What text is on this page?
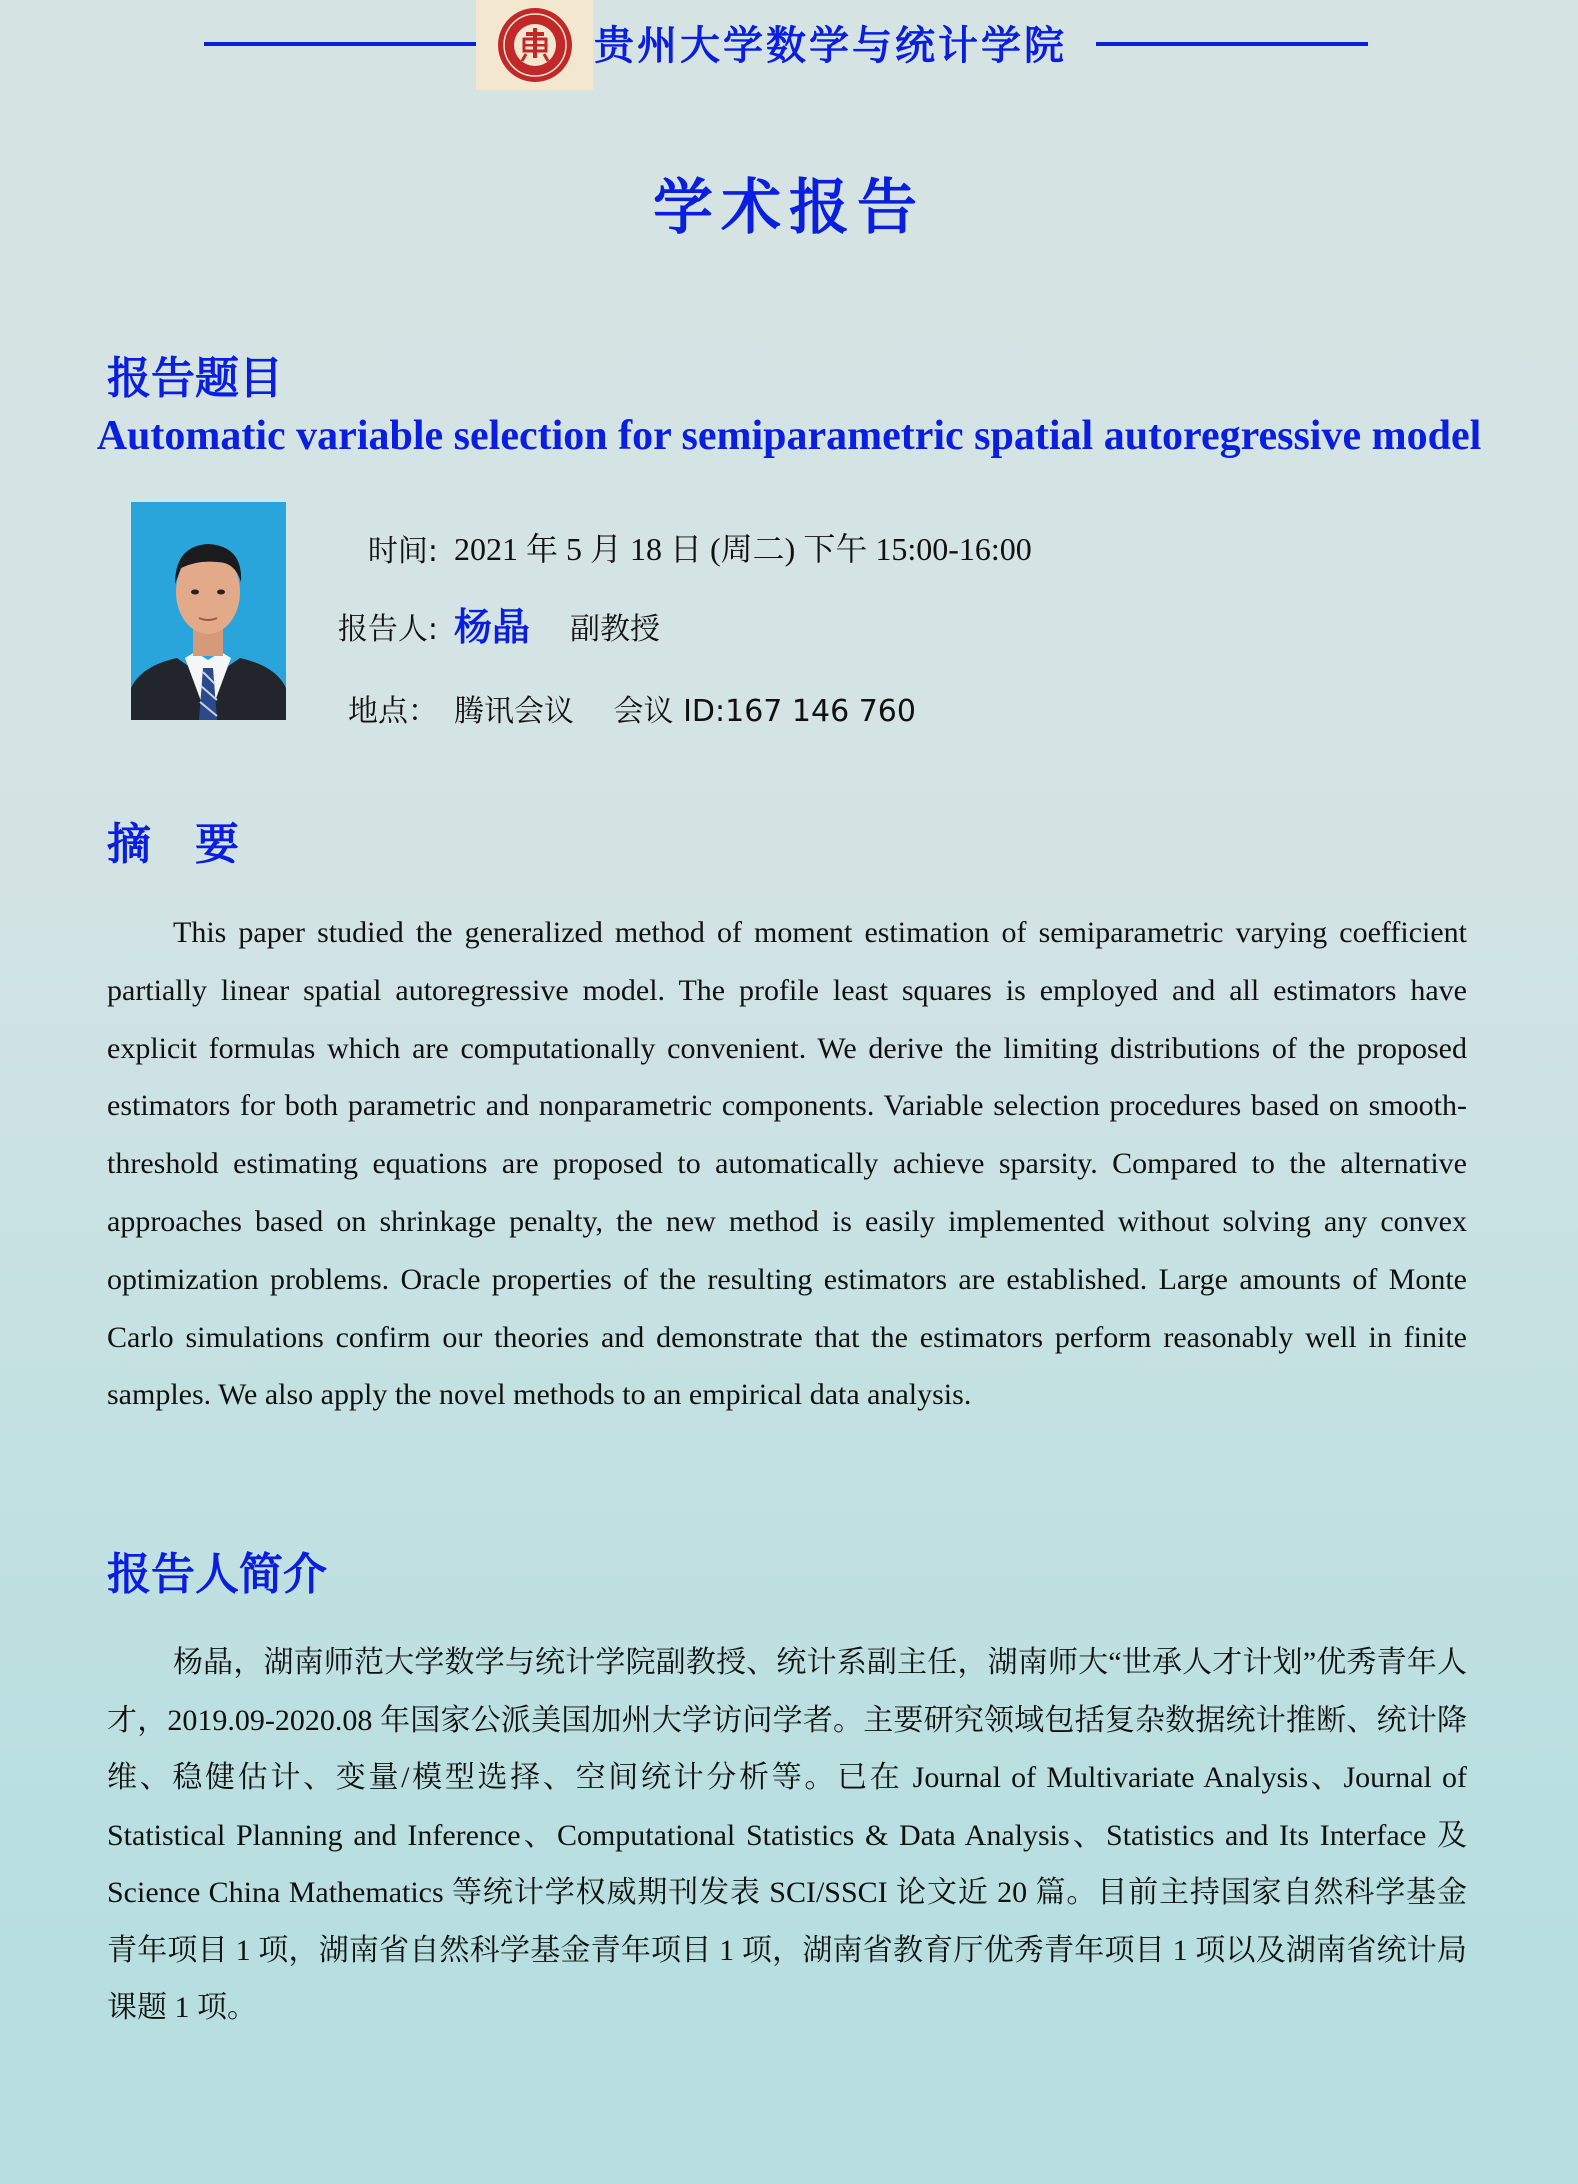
贵州大学数学与统计学院
学术报告
报告题目
Automatic variable selection for semiparametric spatial autoregressive model
时间: 2021 年 5 月 18 日 (周二) 下午 15:00-16:00
报告人: 杨晶 副教授
地点： 腾讯会议　 会议 ID:167 146 760
摘　要

This paper studied the generalized method of moment estimation of semiparametric varying coefficient partially linear spatial autoregressive model. The profile least squares is employed and all estimators have explicit formulas which are computationally convenient. We derive the limiting distributions of the proposed estimators for both parametric and nonparametric components. Variable selection procedures based on smooth-threshold estimating equations are proposed to automatically achieve sparsity. Compared to the alternative approaches based on shrinkage penalty, the new method is easily implemented without solving any convex optimization problems. Oracle properties of the resulting estimators are established. Large amounts of Monte Carlo simulations confirm our theories and demonstrate that the estimators perform reasonably well in finite samples. We also apply the novel methods to an empirical data analysis.

报告人简介

杨晶，湖南师范大学数学与统计学院副教授、统计系副主任，湖南师大“世承人才计划”优秀青年人才，2019.09-2020.08 年国家公派美国加州大学访问学者。主要研究领域包括复杂数据统计推断、统计降维、稳健估计、变量/模型选择、空间统计分析等。已在 Journal of Multivariate Analysis、Journal of Statistical Planning and Inference、Computational Statistics & Data Analysis、Statistics and Its Interface 及 Science China Mathematics 等统计学权威期刊发表 SCI/SSCI 论文近 20 篇。目前主持国家自然科学基金青年项目 1 项，湖南省自然科学基金青年项目 1 项，湖南省教育厅优秀青年项目 1 项以及湖南省统计局课题 1 项。
